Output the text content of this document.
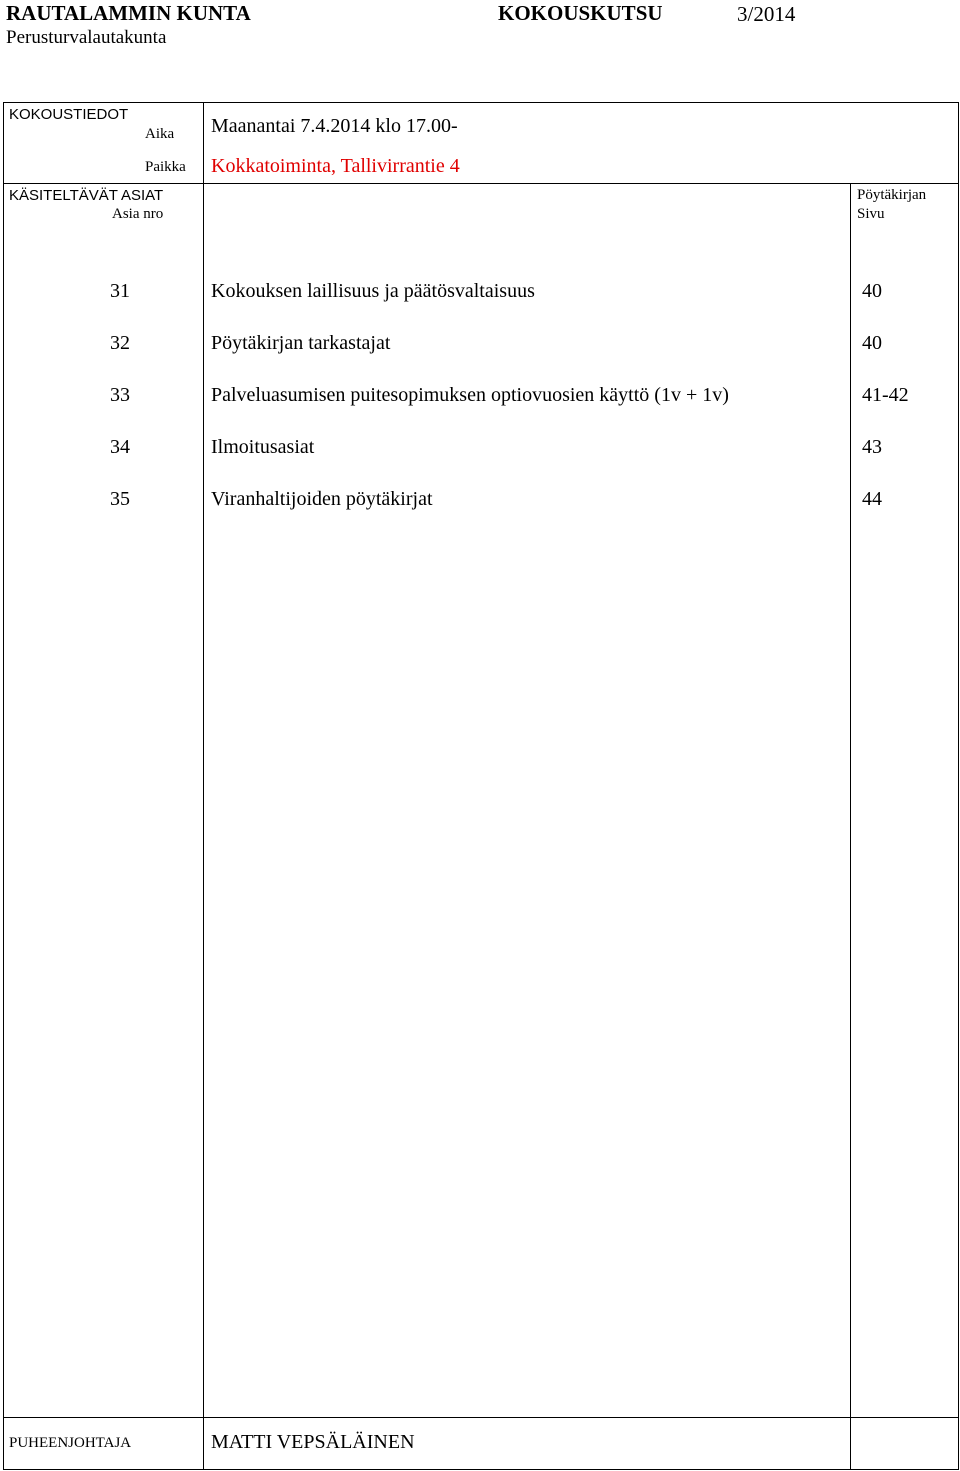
RAUTALAMMIN KUNTA
Perusturvalautakunta
KOKOUSKUTSU	3/2014
KOKOUSTIEDOT
Aika Maanantai 7.4.2014 klo 17.00-
Paikka Kokkatoiminta, Tallivirrantie 4
KÄSITELTÄVÄT ASIAT
Asia nro
Pöytäkirjan
Sivu
31	Kokouksen laillisuus ja päätösvaltaisuus	40
32	Pöytäkirjan tarkastajat	40
33	Palveluasumisen puitesopimuksen optiovuosien käyttö (1v + 1v)	41-42
34	Ilmoitusasiat	43
35	Viranhaltijoiden pöytäkirjat	44
PUHEENJOHTAJA	MATTI VEPSÄLÄINEN
